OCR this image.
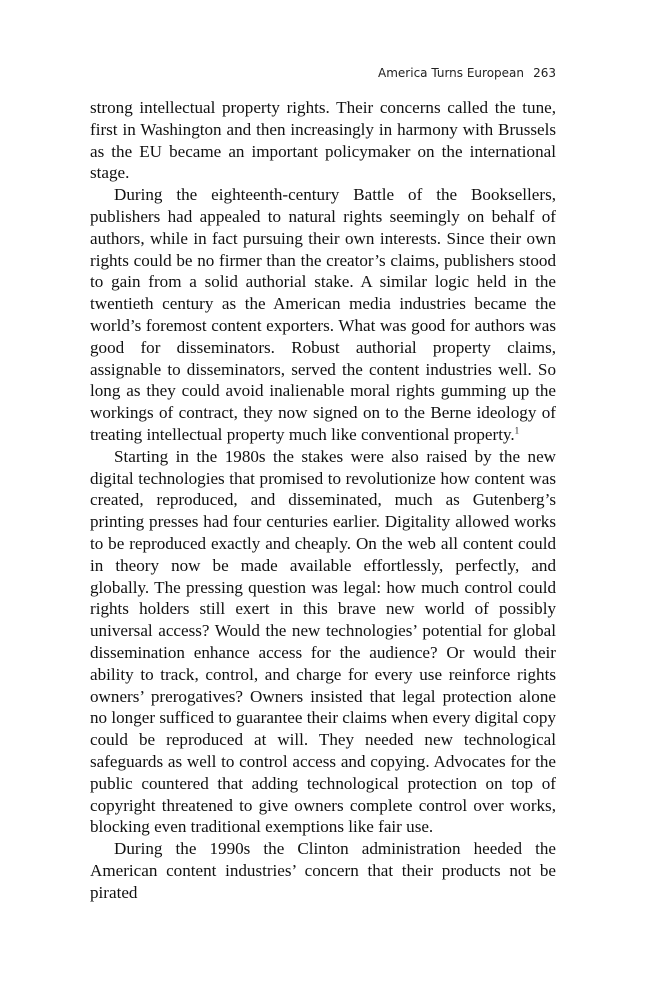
America Turns European 263

strong intellectual property rights. Their concerns called the tune, first in Washington and then increasingly in harmony with Brussels as the EU became an important policymaker on the international stage.

During the eighteenth-century Battle of the Booksellers, publishers had appealed to natural rights seemingly on behalf of authors, while in fact pursuing their own interests. Since their own rights could be no firmer than the creator’s claims, publishers stood to gain from a solid authorial stake. A similar logic held in the twentieth century as the American media industries became the world’s foremost content exporters. What was good for authors was good for disseminators. Robust authorial property claims, assignable to disseminators, served the content industries well. So long as they could avoid inalienable moral rights gumming up the workings of contract, they now signed on to the Berne ideology of treating intellectual property much like conventional property.$^1$

Starting in the 1980s the stakes were also raised by the new digital technologies that promised to revolutionize how content was created, reproduced, and disseminated, much as Gutenberg’s printing presses had four centuries earlier. Digitality allowed works to be reproduced exactly and cheaply. On the web all content could in theory now be made available effortlessly, perfectly, and globally. The pressing question was legal: how much control could rights holders still exert in this brave new world of possibly universal access? Would the new technologies’ potential for global dissemination enhance access for the audience? Or would their ability to track, control, and charge for every use reinforce rights owners’ prerogatives? Owners insisted that legal protection alone no longer sufficed to guarantee their claims when every digital copy could be reproduced at will. They needed new technological safeguards as well to control access and copying. Advocates for the public countered that adding technological protection on top of copyright threatened to give owners complete control over works, blocking even traditional exemptions like fair use.

During the 1990s the Clinton administration heeded the American content industries’ concern that their products not be pirated
